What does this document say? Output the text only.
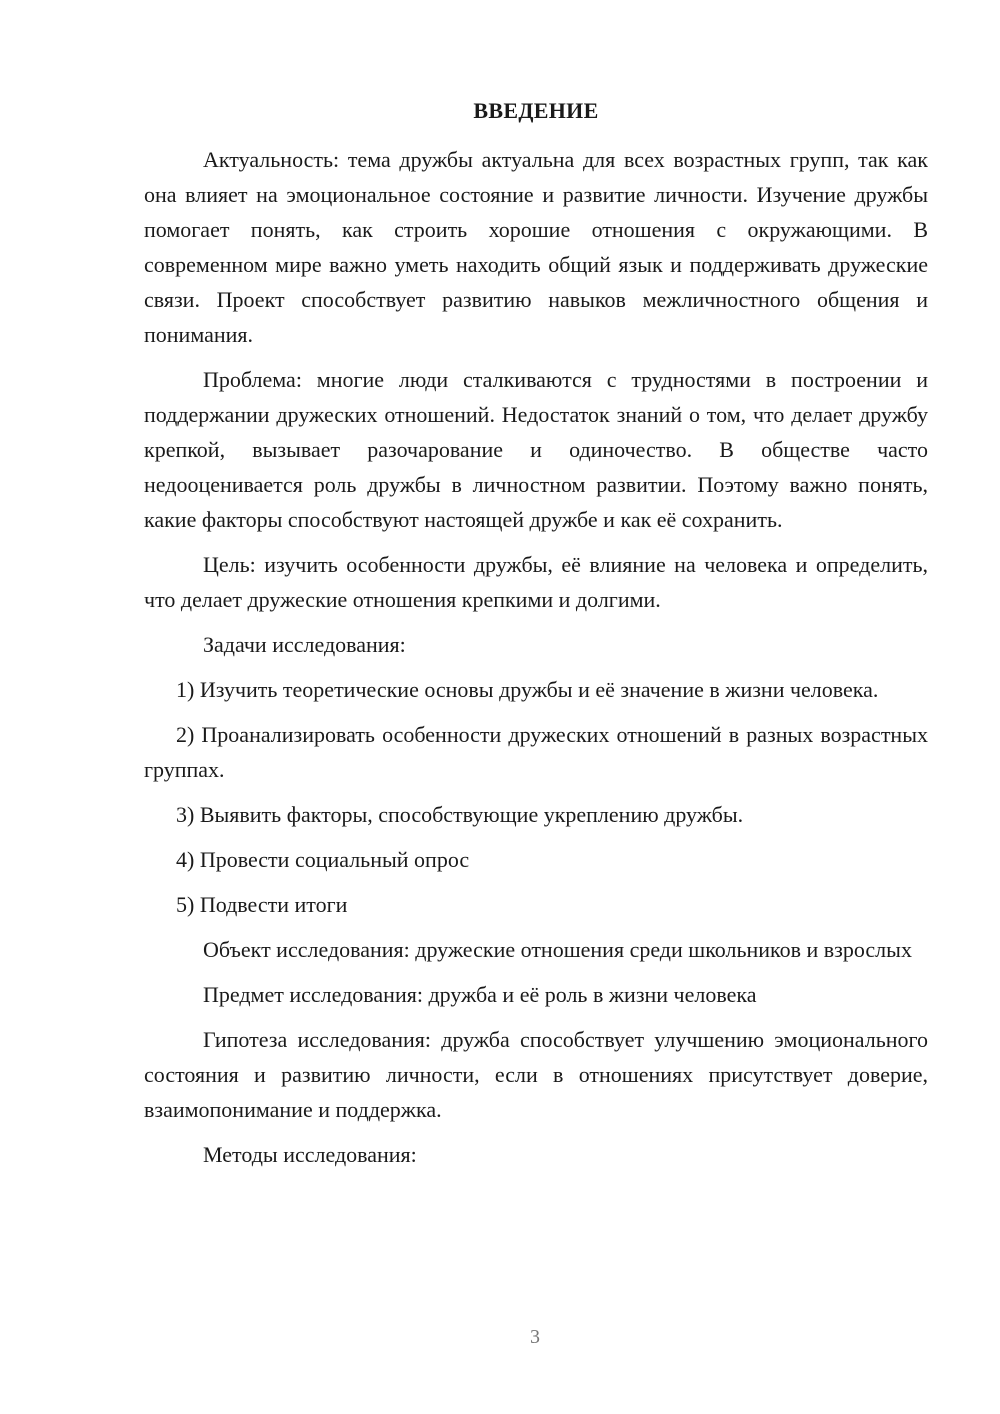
ВВЕДЕНИЕ

Актуальность: тема дружбы актуальна для всех возрастных групп, так как она влияет на эмоциональное состояние и развитие личности. Изучение дружбы помогает понять, как строить хорошие отношения с окружающими. В современном мире важно уметь находить общий язык и поддерживать дружеские связи. Проект способствует развитию навыков межличностного общения и понимания.

Проблема: многие люди сталкиваются с трудностями в построении и поддержании дружеских отношений. Недостаток знаний о том, что делает дружбу крепкой, вызывает разочарование и одиночество. В обществе часто недооценивается роль дружбы в личностном развитии. Поэтому важно понять, какие факторы способствуют настоящей дружбе и как её сохранить.

Цель: изучить особенности дружбы, её влияние на человека и определить, что делает дружеские отношения крепкими и долгими.

Задачи исследования:

1) Изучить теоретические основы дружбы и её значение в жизни человека.

2) Проанализировать особенности дружеских отношений в разных возрастных группах.

3) Выявить факторы, способствующие укреплению дружбы.

4) Провести социальный опрос

5) Подвести итоги

Объект исследования: дружеские отношения среди школьников и взрослых

Предмет исследования: дружба и её роль в жизни человека

Гипотеза исследования: дружба способствует улучшению эмоционального состояния и развитию личности, если в отношениях присутствует доверие, взаимопонимание и поддержка.

Методы исследования:

3
